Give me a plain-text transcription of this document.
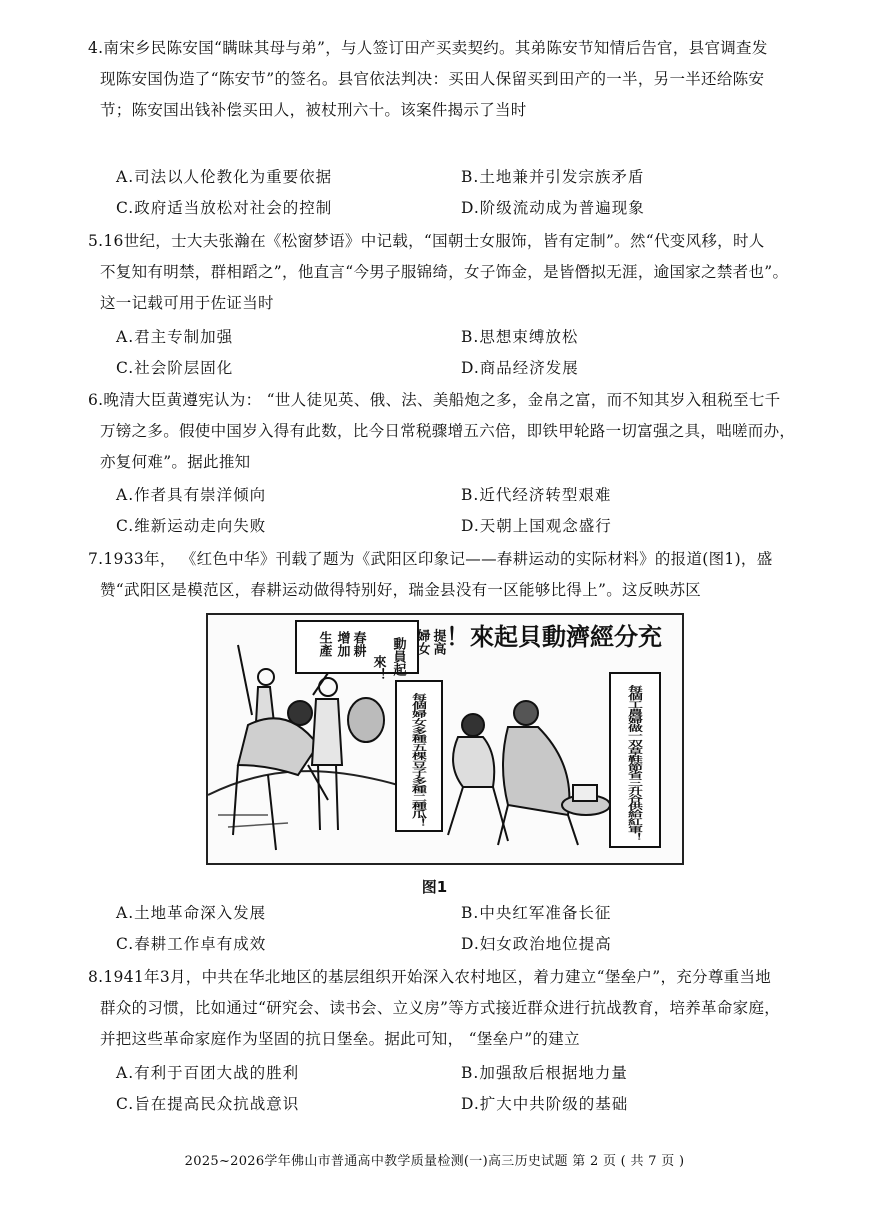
4.南宋乡民陈安国“瞒昧其母与弟”，与人签订田产买卖契约。其弟陈安节知情后告官，县官调查发

现陈安国伪造了“陈安节”的签名。县官依法判决：买田人保留买到田产的一半，另一半还给陈安

节；陈安国出钱补偿买田人，被杖刑六十。该案件揭示了当时

A.司法以人伦教化为重要依据	B.土地兼并引发宗族矛盾
C.政府适当放松对社会的控制	D.阶级流动成为普遍现象

5.16世纪，士大夫张瀚在《松窗梦语》中记载，“国朝士女服饰，皆有定制”。然“代变风移，时人

不复知有明禁，群相蹈之”，他直言“今男子服锦绮，女子饰金，是皆僭拟无涯，逾国家之禁者也”。

这一记载可用于佐证当时

A.君主专制加强	B.思想束缚放松
C.社会阶层固化	D.商品经济发展

6.晚清大臣黄遵宪认为： “世人徒见英、俄、法、美船炮之多，金帛之富，而不知其岁入租税至七千

万镑之多。假使中国岁入得有此数，比今日常税骤增五六倍，即铁甲轮路一切富强之具，咄嗟而办，

亦复何难”。据此推知

A.作者具有崇洋倾向	B.近代经济转型艰难
C.维新运动走向失败	D.天朝上国观念盛行

7.1933年， 《红色中华》刊载了题为《武阳区印象记——春耕运动的实际材料》的报道(图1)，盛

赞“武阳区是模范区，春耕运动做得特别好，瑞金县没有一区能够比得上”。这反映苏区

！來起貝動濟經分充
動員起
來！
春耕
增加
生產	婦女 提高
每個婦女多種五棵豆子多種二種瓜！	每個工農婦做一双草鞋節省三升谷供給紅軍！
图1
A.土地革命深入发展	B.中央红军准备长征
C.春耕工作卓有成效	D.妇女政治地位提高

8.1941年3月，中共在华北地区的基层组织开始深入农村地区，着力建立“堡垒户”，充分尊重当地

群众的习惯，比如通过“研究会、读书会、立义房”等方式接近群众进行抗战教育，培养革命家庭，

并把这些革命家庭作为坚固的抗日堡垒。据此可知， “堡垒户”的建立

A.有利于百团大战的胜利	B.加强敌后根据地力量
C.旨在提高民众抗战意识	D.扩大中共阶级的基础
2025~2026学年佛山市普通高中教学质量检测(一)高三历史试题 第 2 页 ( 共 7 页 )
